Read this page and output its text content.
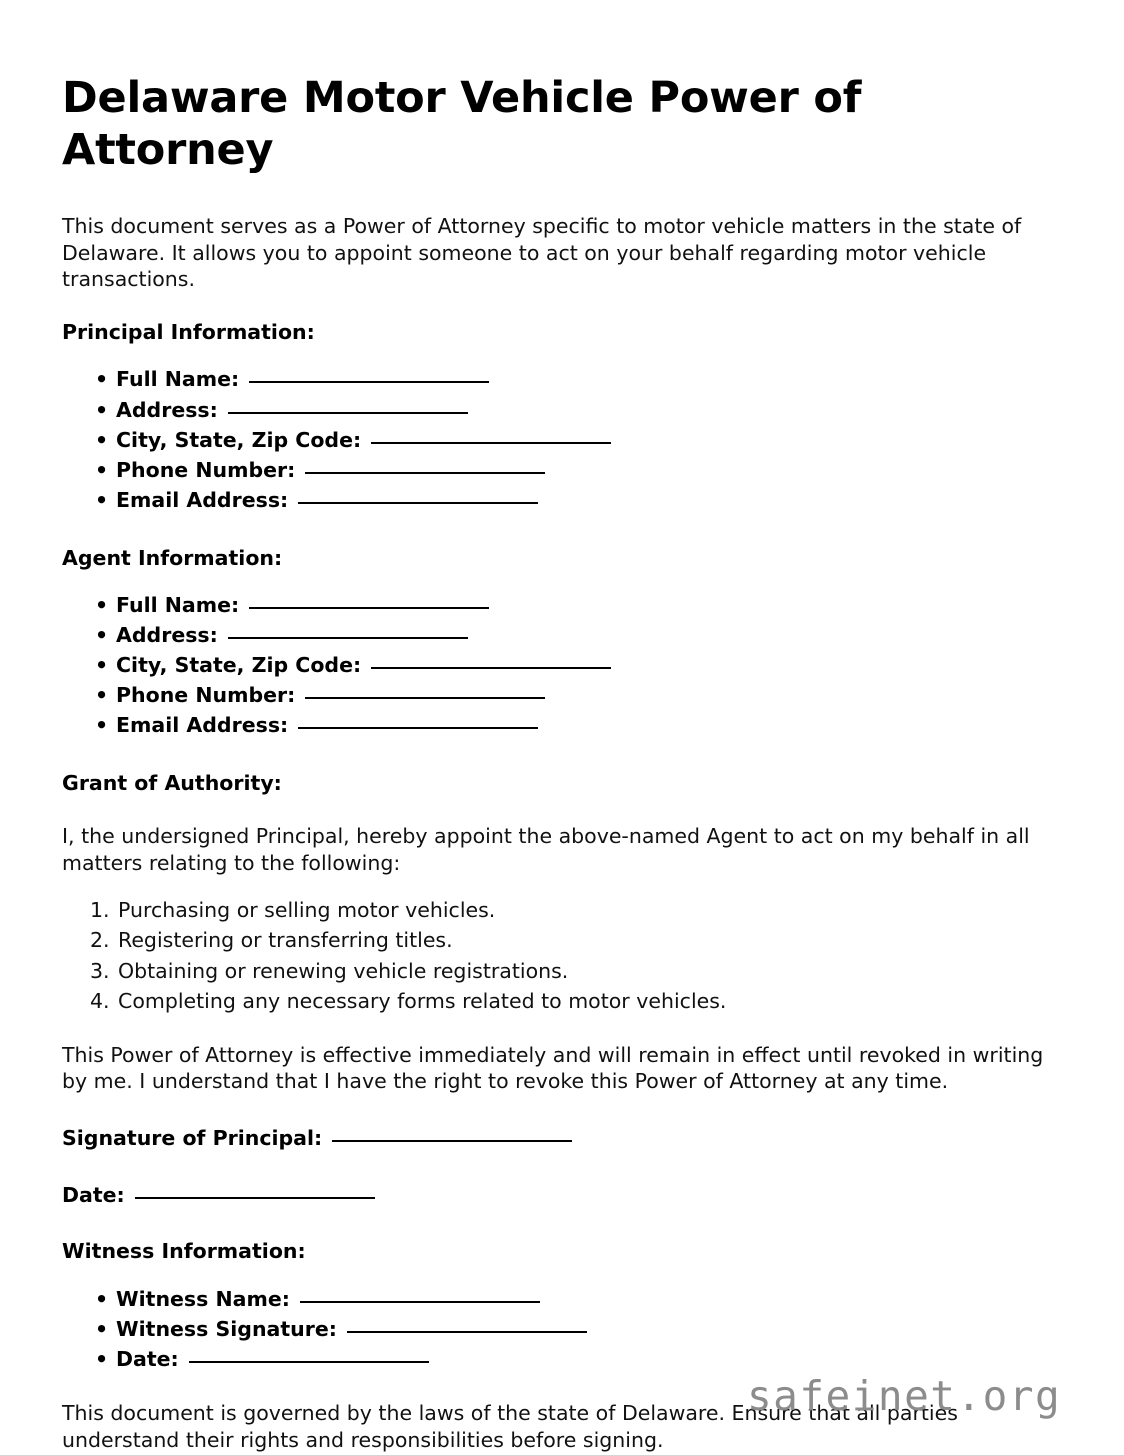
Delaware Motor Vehicle Power of Attorney

This document serves as a Power of Attorney specific to motor vehicle matters in the state of Delaware. It allows you to appoint someone to act on your behalf regarding motor vehicle transactions.

Principal Information:
• Full Name:
• Address:
• City, State, Zip Code:
• Phone Number:
• Email Address:
Agent Information:
• Full Name:
• Address:
• City, State, Zip Code:
• Phone Number:
• Email Address:
Grant of Authority:

I, the undersigned Principal, hereby appoint the above-named Agent to act on my behalf in all matters relating to the following:

1. Purchasing or selling motor vehicles.
2. Registering or transferring titles.
3. Obtaining or renewing vehicle registrations.
4. Completing any necessary forms related to motor vehicles.

This Power of Attorney is effective immediately and will remain in effect until revoked in writing by me. I understand that I have the right to revoke this Power of Attorney at any time.

Signature of Principal:
Date:
Witness Information:
• Witness Name:
• Witness Signature:
• Date:

This document is governed by the laws of the state of Delaware. Ensure that all parties understand their rights and responsibilities before signing.

safeinet.org
